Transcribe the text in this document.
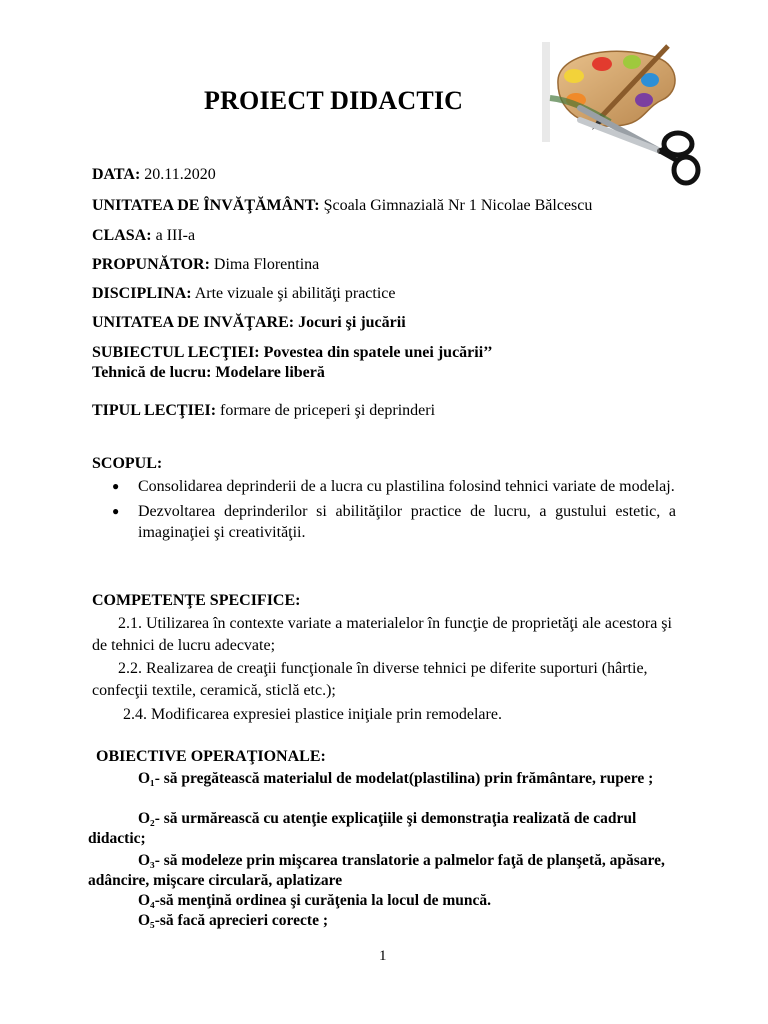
PROIECT DIDACTIC
DATA: 20.11.2020
UNITATEA DE ÎNVĂŢĂMÂNT: Şcoala Gimnazială Nr 1 Nicolae Bălcescu
CLASA: a III-a
PROPUNĂTOR: Dima Florentina
DISCIPLINA: Arte vizuale şi abilităţi practice
UNITATEA DE INVĂŢARE: Jocuri şi jucării
SUBIECTUL LECŢIEI: Povestea din spatele unei jucării’’
Tehnică de lucru: Modelare liberă
TIPUL LECŢIEI: formare de priceperi şi deprinderi
SCOPUL:
● Consolidarea deprinderii de a lucra cu plastilina folosind tehnici variate de modelaj.
● Dezvoltarea deprinderilor si abilităţilor practice de lucru, a gustului estetic, a imaginaţiei şi creativităţii.
COMPETENŢE SPECIFICE:
2.1. Utilizarea în contexte variate a materialelor în funcţie de proprietăţi ale acestora şi de tehnici de lucru adecvate;
2.2. Realizarea de creaţii funcţionale în diverse tehnici pe diferite suporturi (hârtie, confecţii textile, ceramică, sticlă etc.);
2.4. Modificarea expresiei plastice iniţiale prin remodelare.
OBIECTIVE OPERAŢIONALE:
O₁- să pregătească materialul de modelat(plastilina) prin frământare, rupere ;
O₂- să urmărească cu atenţie explicaţiile şi demonstraţia realizată de cadrul didactic;
O₃- să modeleze prin mişcarea translatorie a palmelor faţă de planşetă, apăsare, adâncire, mişcare circulară, aplatizare
O₄-să menţină ordinea şi curăţenia la locul de muncă.
O₅-să facă aprecieri corecte ;
1
